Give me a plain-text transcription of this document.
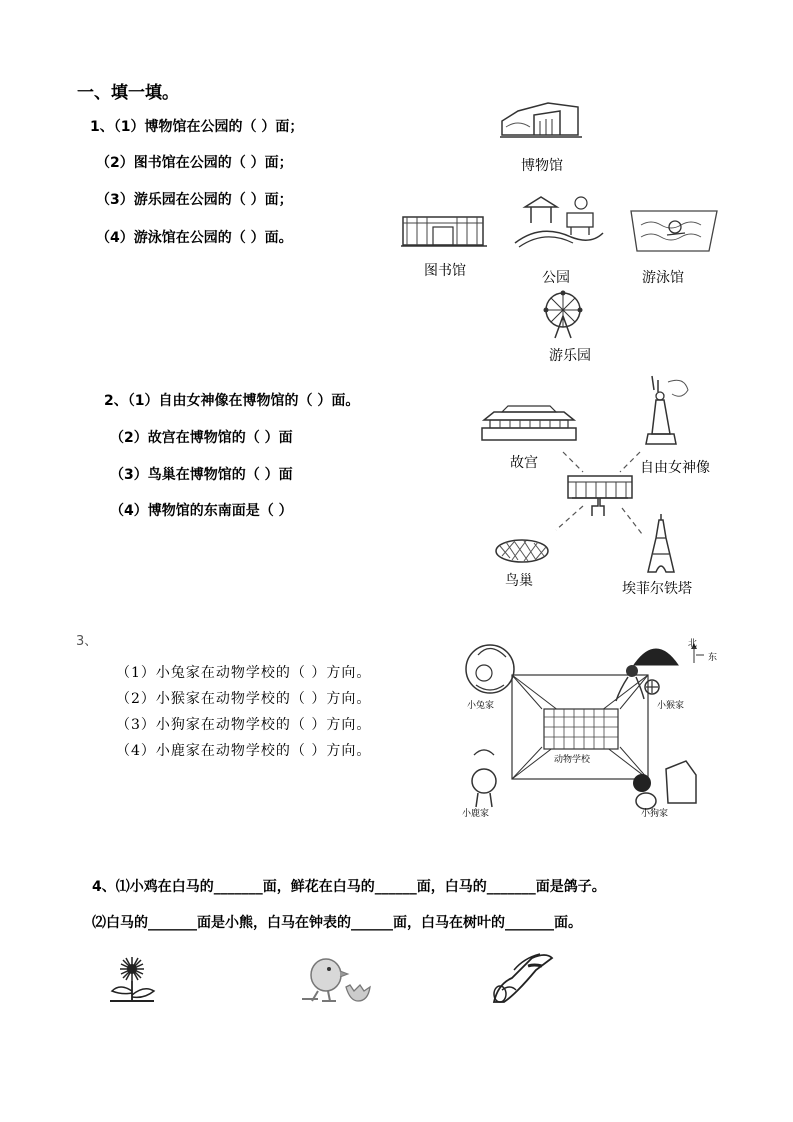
一、填一填。
1、（1）博物馆在公园的（ ）面；
（2）图书馆在公园的（ ）面；
（3）游乐园在公园的（ ）面；
（4）游泳馆在公园的（ ）面。
博物馆
图书馆	公园	游泳馆
游乐园
2、（1）自由女神像在博物馆的（ ）面。
（2）故宫在博物馆的（ ）面
（3）鸟巢在博物馆的（ ）面
（4）博物馆的东南面是（ ）
故宫	自由女神像
鸟巢	埃菲尔铁塔
3、
（1）小兔家在动物学校的（ ）方向。
（2）小猴家在动物学校的（ ）方向。
（3）小狗家在动物学校的（ ）方向。
（4）小鹿家在动物学校的（ ）方向。
小兔家	小猴家
小鹿家	小狗家
动物学校
北
东
4、⑴小鸡在白马的_______面，鲜花在白马的______面，白马的_______面是鸽子。
⑵白马的_______面是小熊，白马在钟表的______面，白马在树叶的_______面。
